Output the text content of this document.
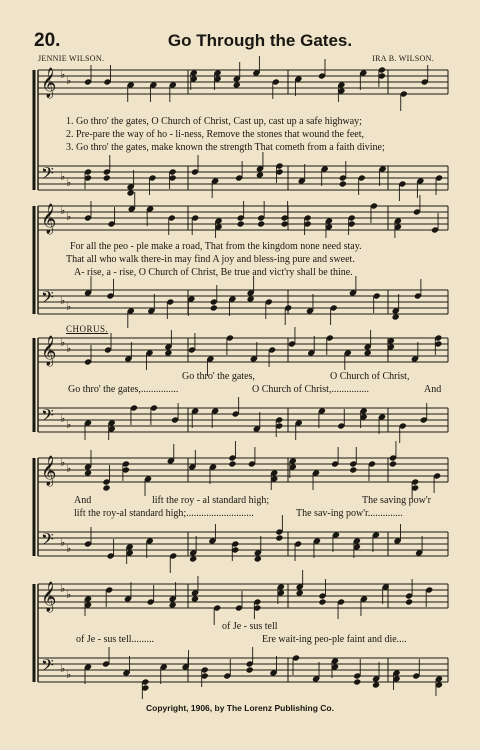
20.	Go Through the Gates.
JENNIE WILSON.	IRA B. WILSON.
𝄞 ♭ ♭
𝄢 ♭ ♭
𝄞 ♭ ♭
𝄢 ♭ ♭
𝄞 ♭ ♭
𝄢 ♭ ♭
𝄞 ♭ ♭
𝄢 ♭ ♭
𝄞 ♭ ♭
𝄢 ♭ ♭
1. Go thro' the gates, O Church of Christ, Cast up, cast up a safe highway;
2. Pre-pare the way of ho - li-ness, Remove the stones that wound the feet,
3. Go thro' the gates, make known the strength That cometh from a faith divine;
For all the peo - ple make a road, That from the kingdom none need stay.
That all who walk there-in may find A joy and bless-ing pure and sweet.
A- rise, a - rise, O Church of Christ, Be true and vict'ry shall be thine.
CHORUS.
Go thro' the gates,	O Church of Christ,
Go thro' the gates,...............	O Church of Christ,...............	And
And	lift the roy - al standard high;	The saving pow'r
lift the roy-al standard high;...........................	The sav-ing pow'r..............
of Je - sus tell
of Je - sus tell.........	Ere wait-ing peo-ple faint and die....
Copyright, 1906, by The Lorenz Publishing Co.
